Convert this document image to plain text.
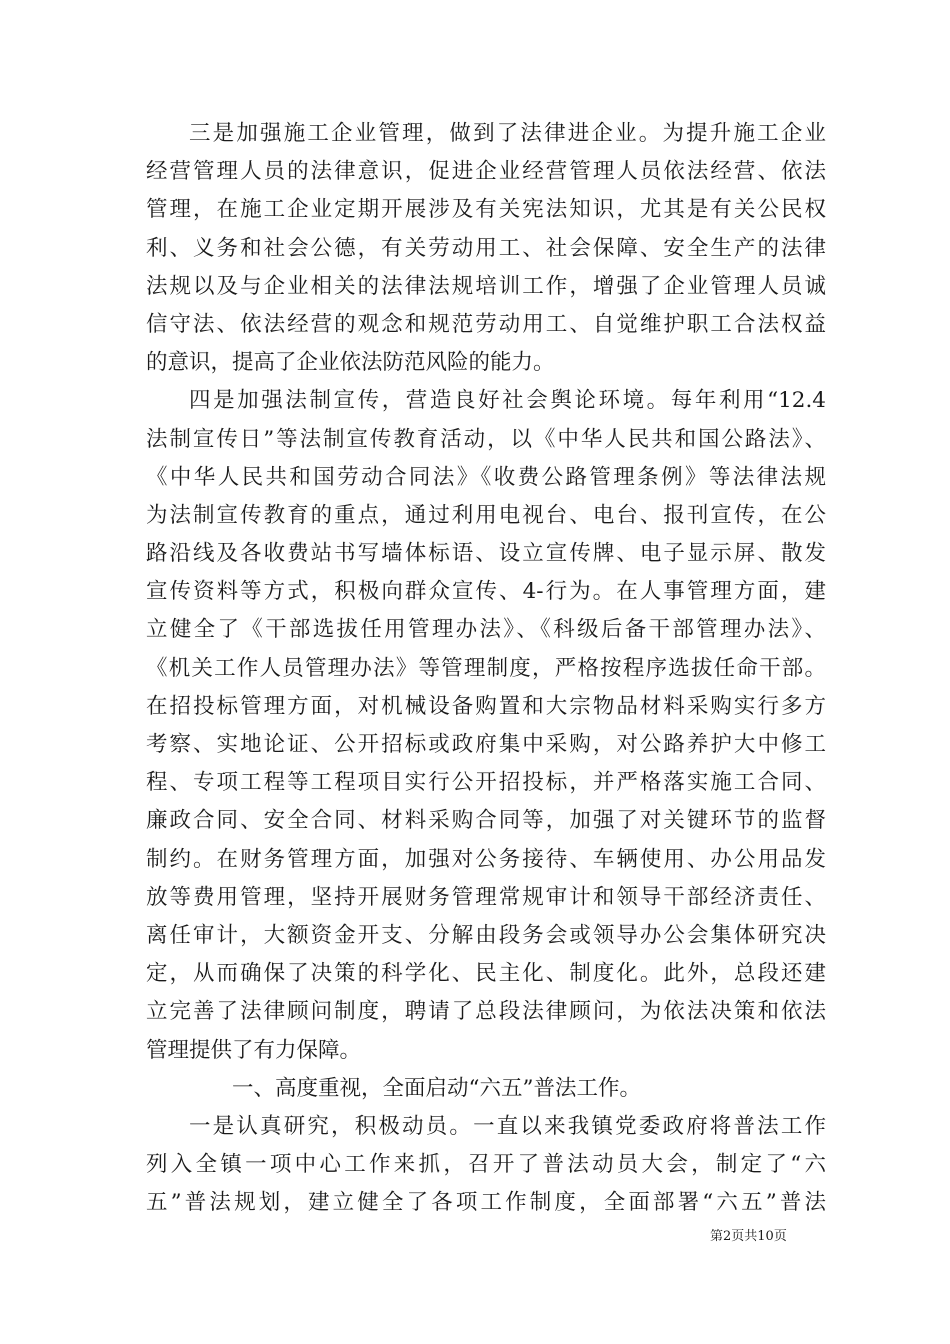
三是加强施工企业管理，做到了法律进企业。为提升施工企业
经营管理人员的法律意识，促进企业经营管理人员依法经营、依法
管理，在施工企业定期开展涉及有关宪法知识，尤其是有关公民权
利、义务和社会公德，有关劳动用工、社会保障、安全生产的法律
法规以及与企业相关的法律法规培训工作，增强了企业管理人员诚
信守法、依法经营的观念和规范劳动用工、自觉维护职工合法权益
的意识，提高了企业依法防范风险的能力。
四是加强法制宣传，营造良好社会舆论环境。每年利用“12.4
法制宣传日”等法制宣传教育活动，以《中华人民共和国公路法》、
《中华人民共和国劳动合同法》《收费公路管理条例》等法律法规
为法制宣传教育的重点，通过利用电视台、电台、报刊宣传，在公
路沿线及各收费站书写墙体标语、设立宣传牌、电子显示屏、散发
宣传资料等方式，积极向群众宣传、4-行为。在人事管理方面，建
立健全了《干部选拔任用管理办法》、《科级后备干部管理办法》、
《机关工作人员管理办法》等管理制度，严格按程序选拔任命干部。
在招投标管理方面，对机械设备购置和大宗物品材料采购实行多方
考察、实地论证、公开招标或政府集中采购，对公路养护大中修工
程、专项工程等工程项目实行公开招投标，并严格落实施工合同、
廉政合同、安全合同、材料采购合同等，加强了对关键环节的监督
制约。在财务管理方面，加强对公务接待、车辆使用、办公用品发
放等费用管理，坚持开展财务管理常规审计和领导干部经济责任、
离任审计，大额资金开支、分解由段务会或领导办公会集体研究决
定，从而确保了决策的科学化、民主化、制度化。此外，总段还建
立完善了法律顾问制度，聘请了总段法律顾问，为依法决策和依法
管理提供了有力保障。
一、高度重视，全面启动“六五”普法工作。
一是认真研究，积极动员。一直以来我镇党委政府将普法工作
列入全镇一项中心工作来抓，召开了普法动员大会，制定了“六
五”普法规划，建立健全了各项工作制度，全面部署“六五”普法
第2页共10页
